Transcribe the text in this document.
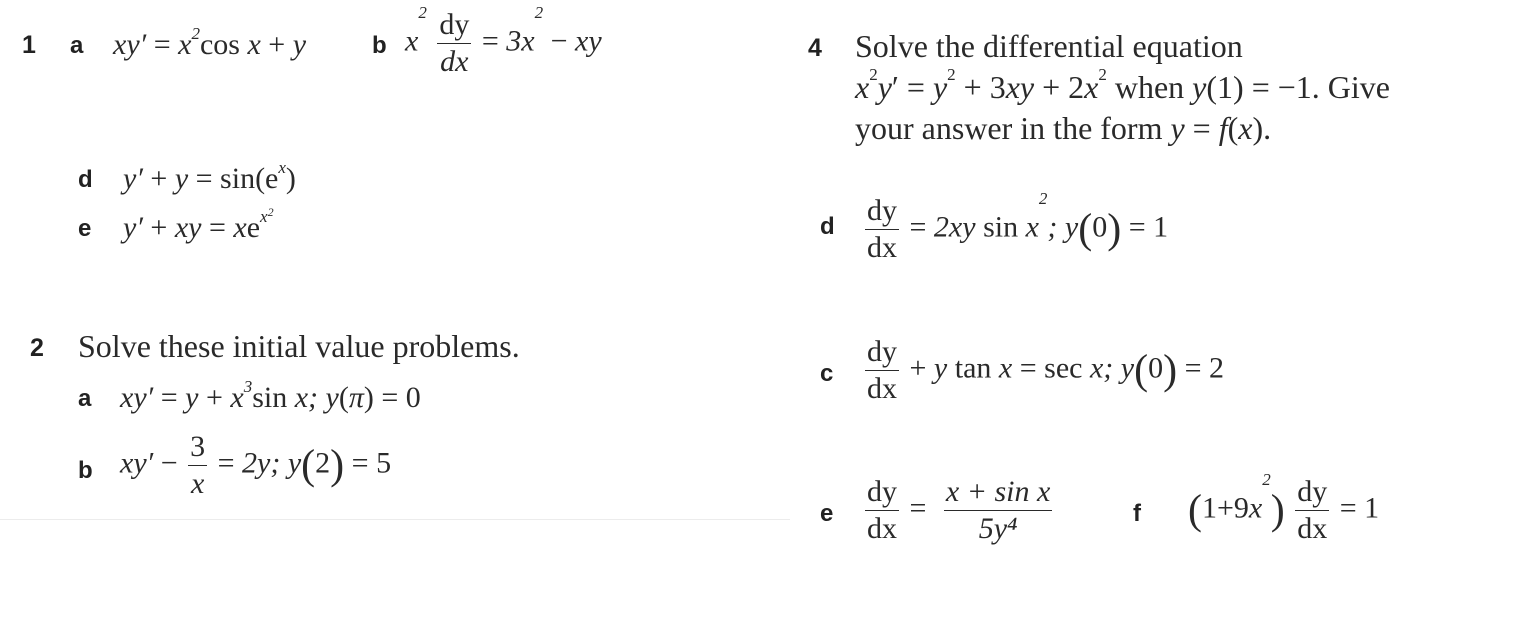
1 a $xy' = x^2\cos$ x + y	b $x^2 \frac{dy}{dx} = 3x^2$ − xy
d $y' + y = \sin(e^x)$
e y′ + xy = $xe^{x^2}$
2 Solve these initial value problems.
a $xy' = y + x^3\sin$ x; y(π) = 0
b $xy' - \frac{3}{x} = 2y$; y(2) = 5
4 Solve the differential equation
$x^2y' = y^2 + 3xy + 2x^2$ when y(1) = −1. Give
your answer in the form y = f(x).
d $\frac{dy}{dx} = 2xy$ $\sin x^2$; y(0) = 1
c $\frac{dy}{dx} + y$ tan x = sec x; y(0) = 2
e $\frac{dy}{dx} = \frac{\text{x + sin x}}{\text{5y⁴}}$	f $(1+9x^2) \frac{dy}{dx} = 1$
